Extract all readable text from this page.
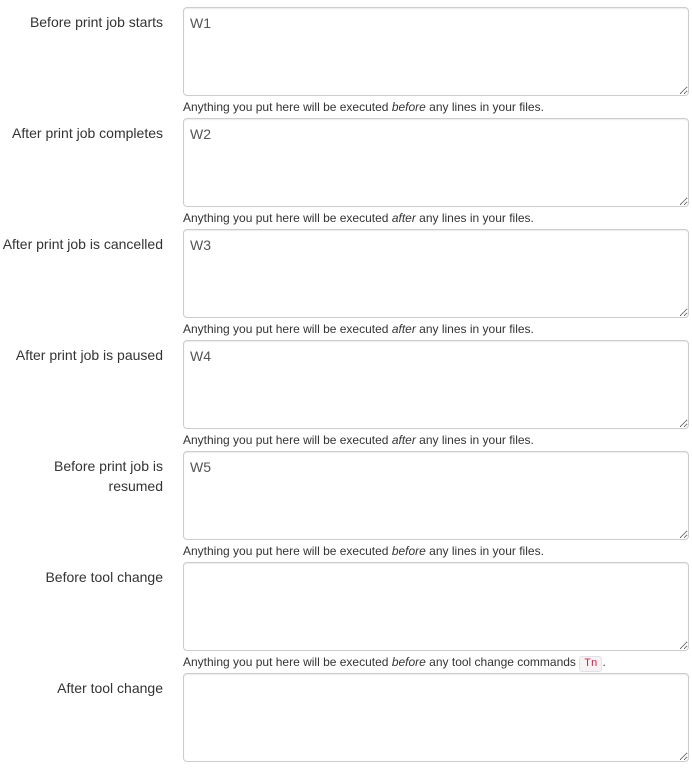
Before print job starts
W1
Anything you put here will be executed before any lines in your files.
After print job completes
W2
Anything you put here will be executed after any lines in your files.
After print job is cancelled
W3
Anything you put here will be executed after any lines in your files.
After print job is paused
W4
Anything you put here will be executed after any lines in your files.
Before print job is resumed
W5
Anything you put here will be executed before any lines in your files.
Before tool change
Anything you put here will be executed before any tool change commands Tn .
After tool change
